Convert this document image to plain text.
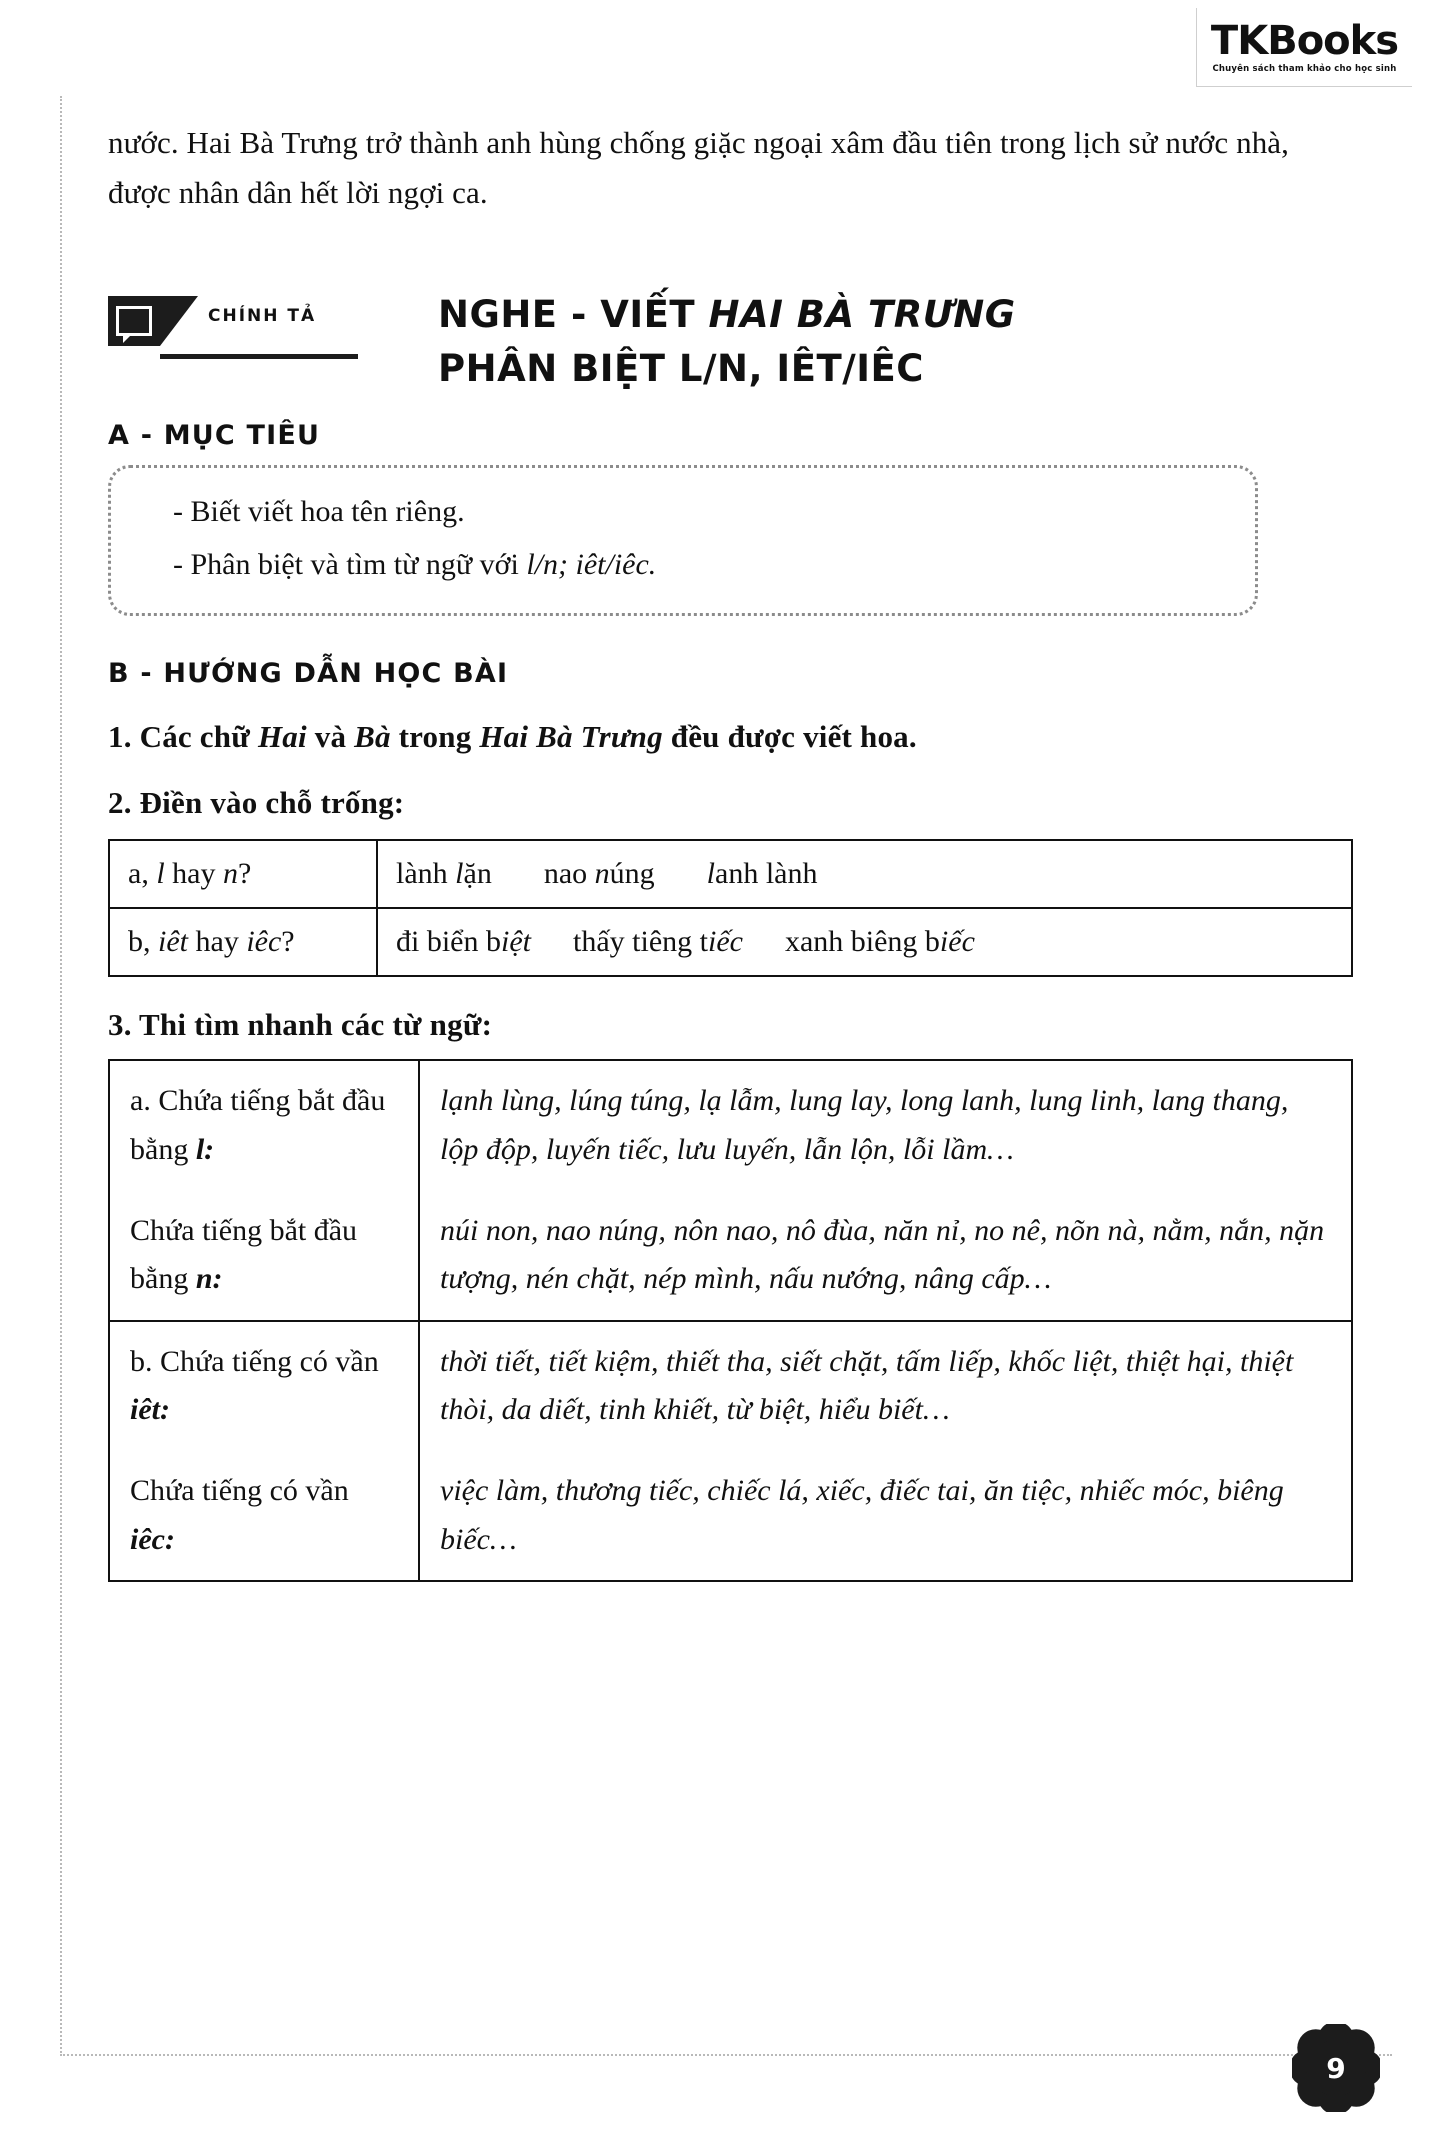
TKBooks
Chuyên sách tham khảo cho học sinh
nước. Hai Bà Trưng trở thành anh hùng chống giặc ngoại xâm đầu tiên trong lịch sử nước nhà, được nhân dân hết lời ngợi ca.
CHÍNH TẢ	NGHE - VIẾT HAI BÀ TRƯNG
PHÂN BIỆT L/N, IÊT/IÊC
A - MỤC TIÊU
- Biết viết hoa tên riêng.
- Phân biệt và tìm từ ngữ với l/n; iêt/iêc.
B - HƯỚNG DẪN HỌC BÀI
1. Các chữ Hai và Bà trong Hai Bà Trưng đều được viết hoa.
2. Điền vào chỗ trống:
a, l hay n?	lành lặn nao núng lanh lành
b, iêt hay iêc?	đi biển biệt thấy tiêng tiếc xanh biêng biếc
3. Thi tìm nhanh các từ ngữ:
a. Chứa tiếng bắt đầu bằng l:	lạnh lùng, lúng túng, lạ lẫm, lung lay, long lanh, lung linh, lang thang, lộp độp, luyến tiếc, lưu luyến, lẫn lộn, lỗi lầm…
Chứa tiếng bắt đầu bằng n:	núi non, nao núng, nôn nao, nô đùa, năn nỉ, no nê, nõn nà, nằm, nắn, nặn tượng, nén chặt, nép mình, nấu nướng, nâng cấp…
b. Chứa tiếng có vần iêt:	thời tiết, tiết kiệm, thiết tha, siết chặt, tấm liếp, khốc liệt, thiệt hại, thiệt thòi, da diết, tinh khiết, từ biệt, hiểu biết…
Chứa tiếng có vần iêc:	việc làm, thương tiếc, chiếc lá, xiếc, điếc tai, ăn tiệc, nhiếc móc, biêng biếc…
9
